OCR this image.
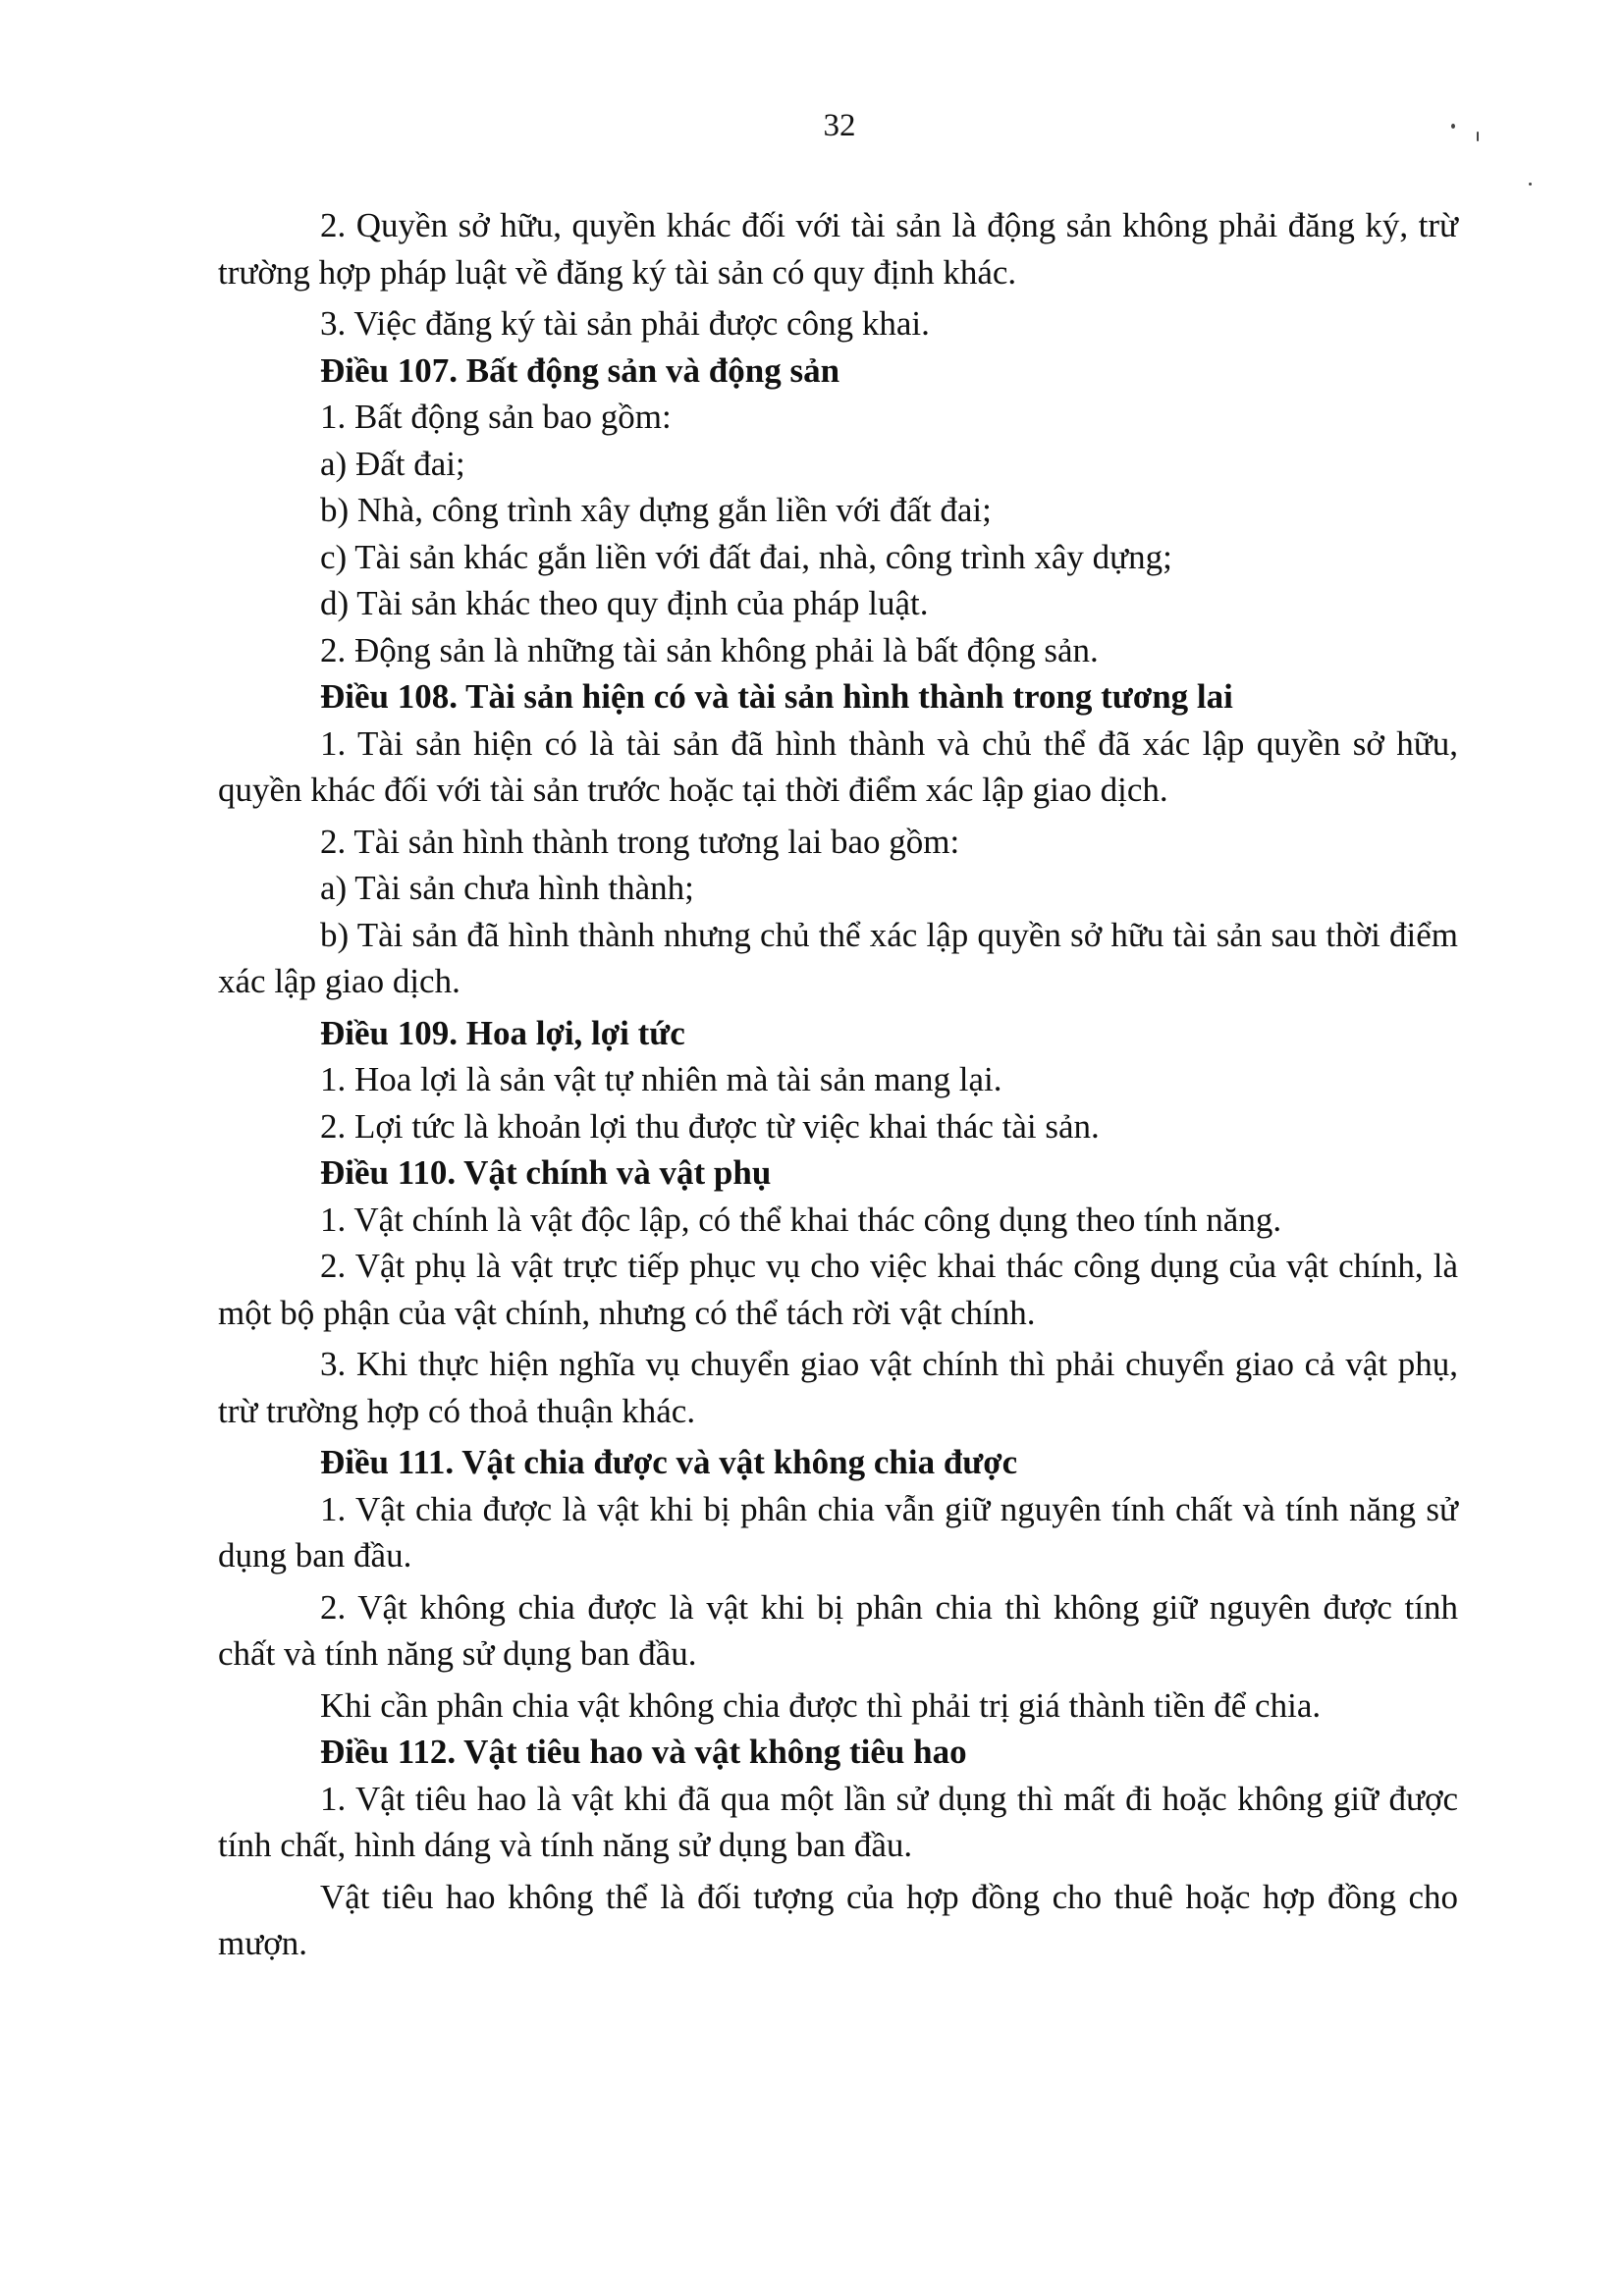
32

2. Quyền sở hữu, quyền khác đối với tài sản là động sản không phải đăng ký, trừ trường hợp pháp luật về đăng ký tài sản có quy định khác.

3. Việc đăng ký tài sản phải được công khai.

Điều 107. Bất động sản và động sản

1. Bất động sản bao gồm:

a) Đất đai;

b) Nhà, công trình xây dựng gắn liền với đất đai;

c) Tài sản khác gắn liền với đất đai, nhà, công trình xây dựng;

d) Tài sản khác theo quy định của pháp luật.

2. Động sản là những tài sản không phải là bất động sản.

Điều 108. Tài sản hiện có và tài sản hình thành trong tương lai

1. Tài sản hiện có là tài sản đã hình thành và chủ thể đã xác lập quyền sở hữu, quyền khác đối với tài sản trước hoặc tại thời điểm xác lập giao dịch.

2. Tài sản hình thành trong tương lai bao gồm:

a) Tài sản chưa hình thành;

b) Tài sản đã hình thành nhưng chủ thể xác lập quyền sở hữu tài sản sau thời điểm xác lập giao dịch.

Điều 109. Hoa lợi, lợi tức

1. Hoa lợi là sản vật tự nhiên mà tài sản mang lại.

2. Lợi tức là khoản lợi thu được từ việc khai thác tài sản.

Điều 110. Vật chính và vật phụ

1. Vật chính là vật độc lập, có thể khai thác công dụng theo tính năng.

2. Vật phụ là vật trực tiếp phục vụ cho việc khai thác công dụng của vật chính, là một bộ phận của vật chính, nhưng có thể tách rời vật chính.

3. Khi thực hiện nghĩa vụ chuyển giao vật chính thì phải chuyển giao cả vật phụ, trừ trường hợp có thoả thuận khác.

Điều 111. Vật chia được và vật không chia được

1. Vật chia được là vật khi bị phân chia vẫn giữ nguyên tính chất và tính năng sử dụng ban đầu.

2. Vật không chia được là vật khi bị phân chia thì không giữ nguyên được tính chất và tính năng sử dụng ban đầu.

Khi cần phân chia vật không chia được thì phải trị giá thành tiền để chia.

Điều 112. Vật tiêu hao và vật không tiêu hao

1. Vật tiêu hao là vật khi đã qua một lần sử dụng thì mất đi hoặc không giữ được tính chất, hình dáng và tính năng sử dụng ban đầu.

Vật tiêu hao không thể là đối tượng của hợp đồng cho thuê hoặc hợp đồng cho mượn.
